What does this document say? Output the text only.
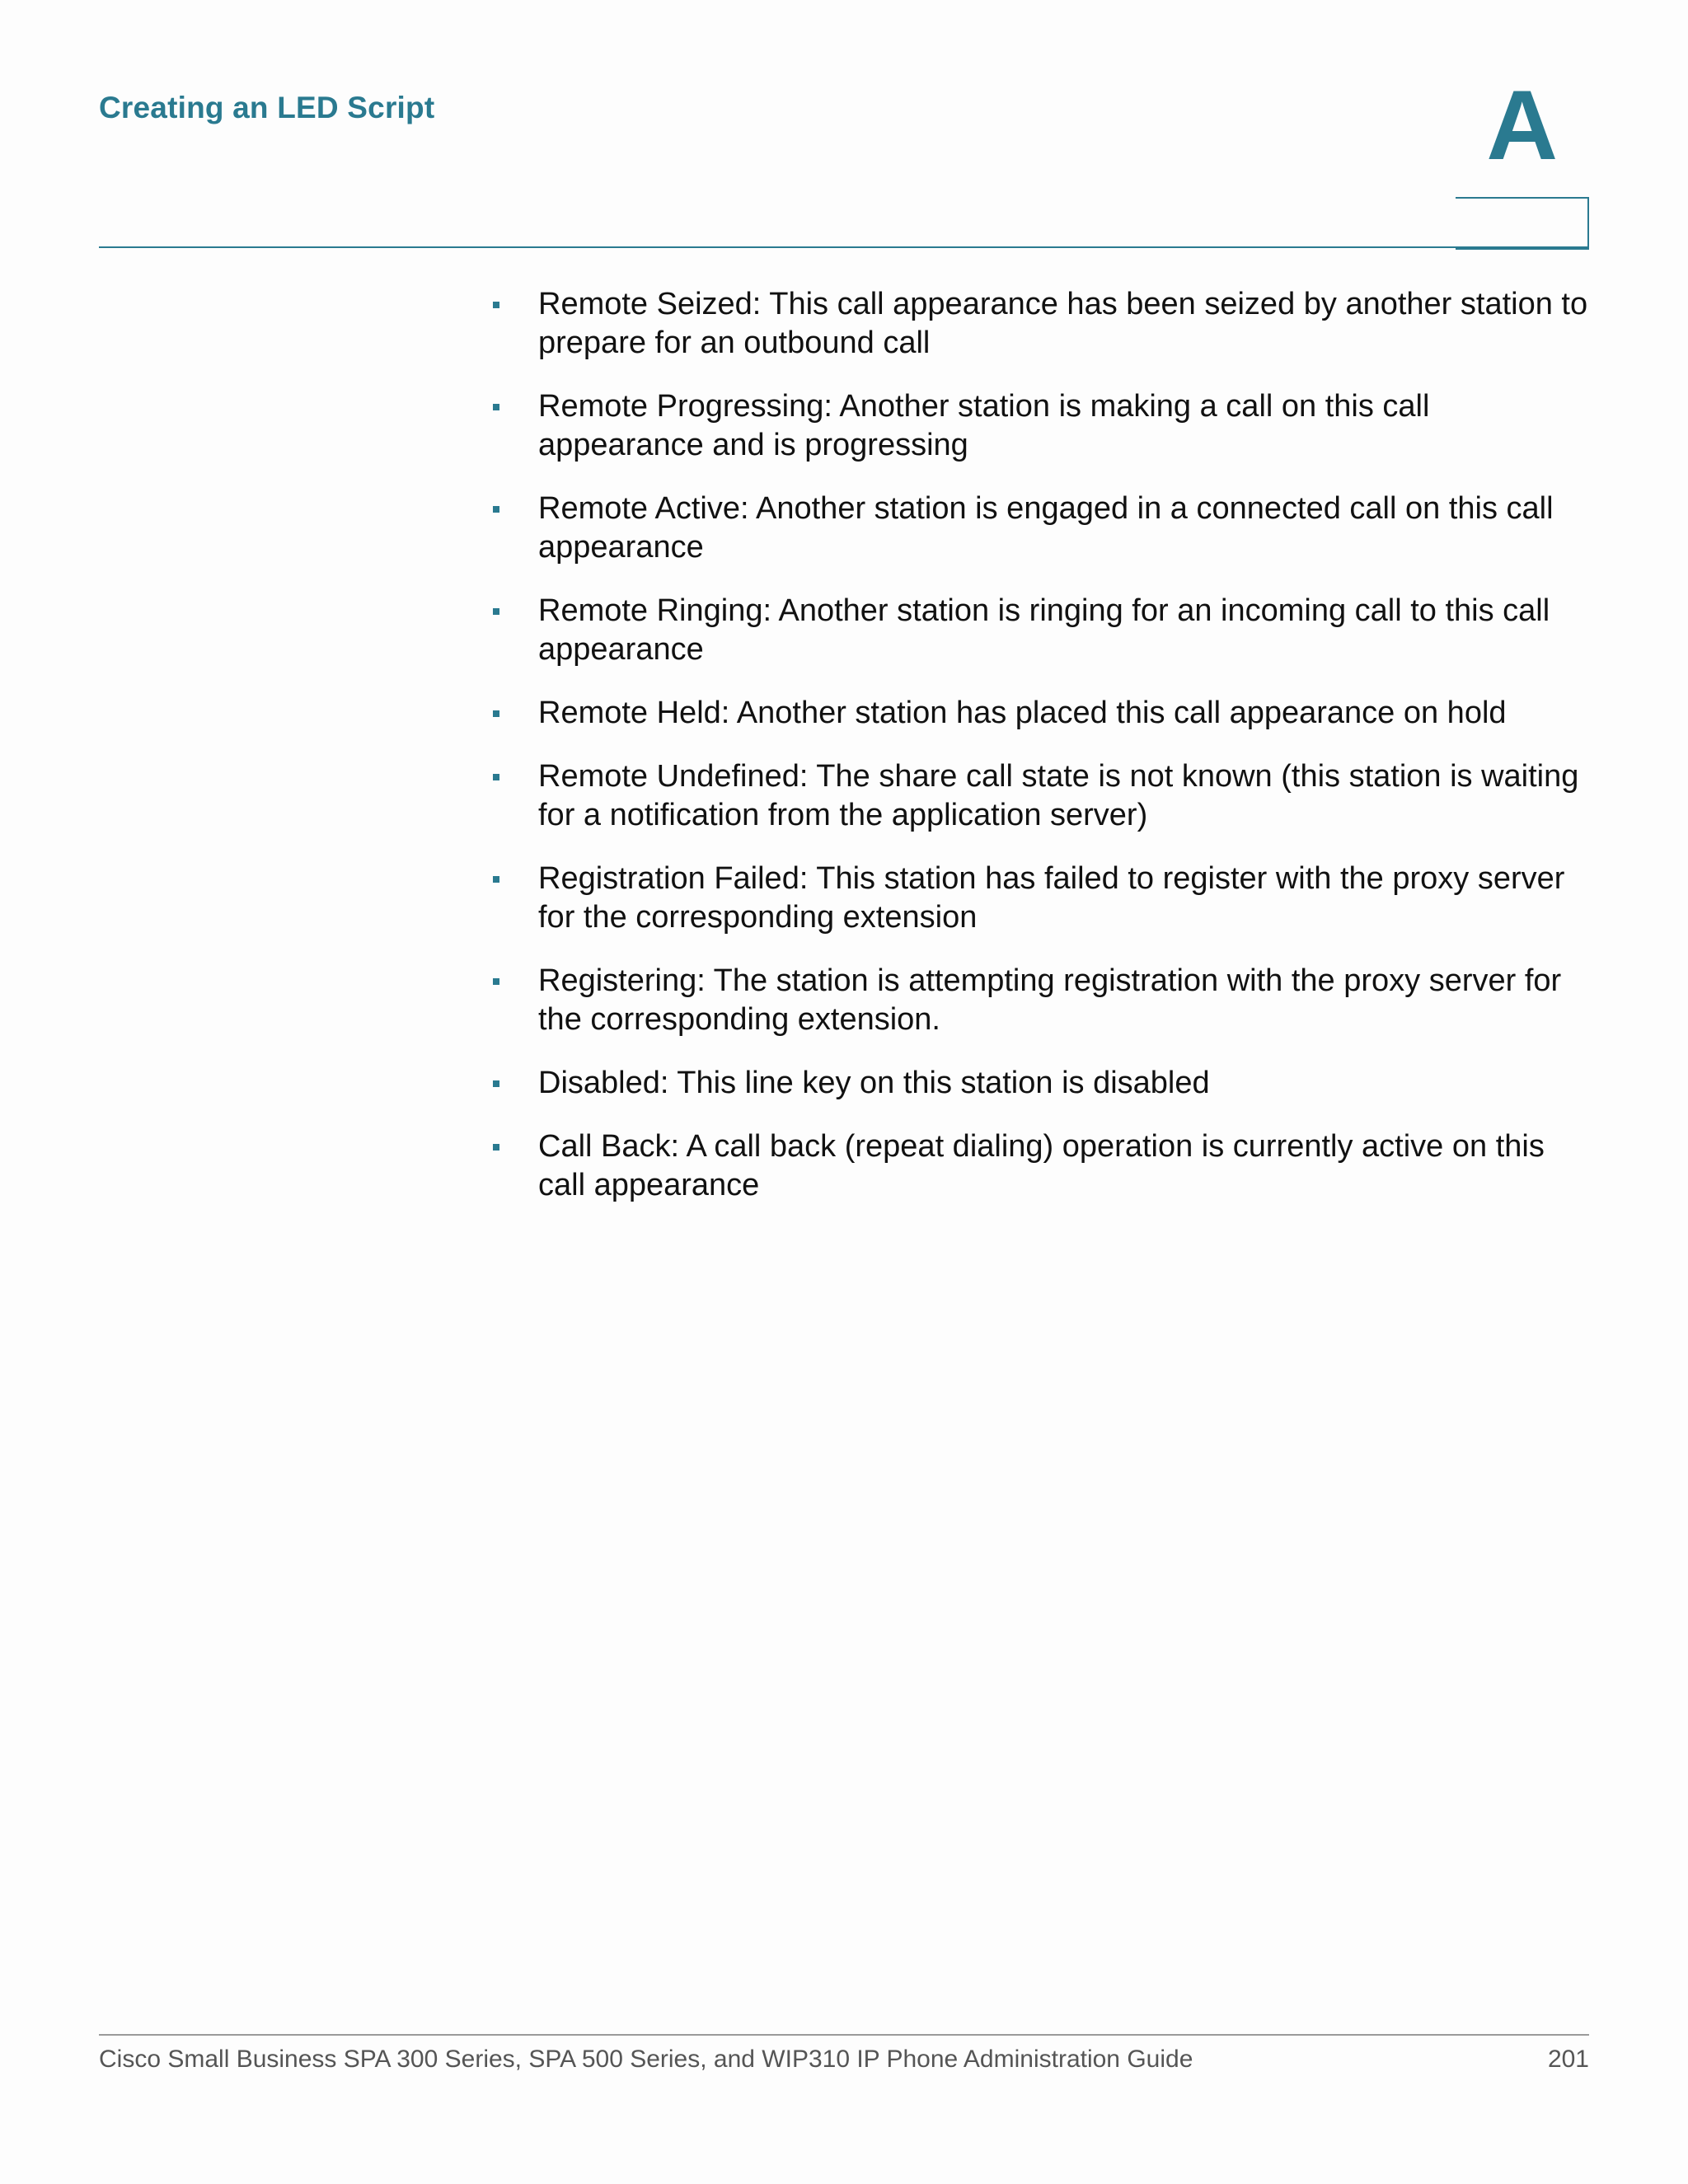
Creating an LED Script	A
Remote Seized: This call appearance has been seized by another station to prepare for an outbound call
Remote Progressing: Another station is making a call on this call appearance and is progressing
Remote Active: Another station is engaged in a connected call on this call appearance
Remote Ringing: Another station is ringing for an incoming call to this call appearance
Remote Held: Another station has placed this call appearance on hold
Remote Undefined: The share call state is not known (this station is waiting for a notification from the application server)
Registration Failed: This station has failed to register with the proxy server for the corresponding extension
Registering: The station is attempting registration with the proxy server for the corresponding extension.
Disabled: This line key on this station is disabled
Call Back: A call back (repeat dialing) operation is currently active on this call appearance
Cisco Small Business SPA 300 Series, SPA 500 Series, and WIP310 IP Phone Administration Guide	201
